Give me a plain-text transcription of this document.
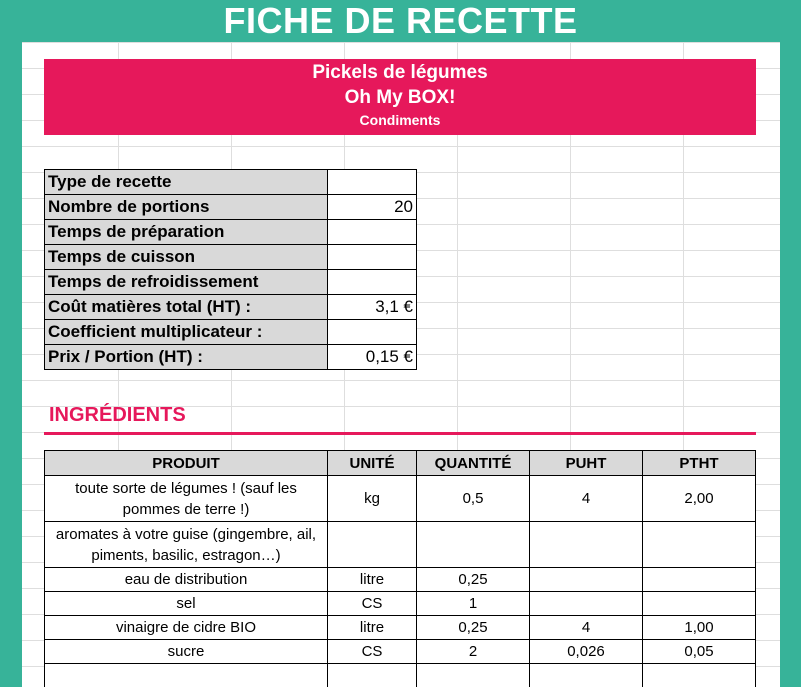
FICHE DE RECETTE
Pickels de légumes
Oh My BOX!
Condiments
Type de recette	
Nombre de portions	20
Temps de préparation	
Temps de cuisson	
Temps de refroidissement	
Coût matières total (HT) :	3,1 €
Coefficient multiplicateur :	
Prix / Portion (HT) :	0,15 €
INGRÉDIENTS
PRODUIT	UNITÉ	QUANTITÉ	PUHT	PTHT
toute sorte de légumes ! (sauf les pommes de terre !)	kg	0,5	4	2,00
aromates à votre guise (gingembre, ail, piments, basilic, estragon…)				
eau de distribution	litre	0,25		
sel	CS	1		
vinaigre de cidre BIO	litre	0,25	4	1,00
sucre	CS	2	0,026	0,05
